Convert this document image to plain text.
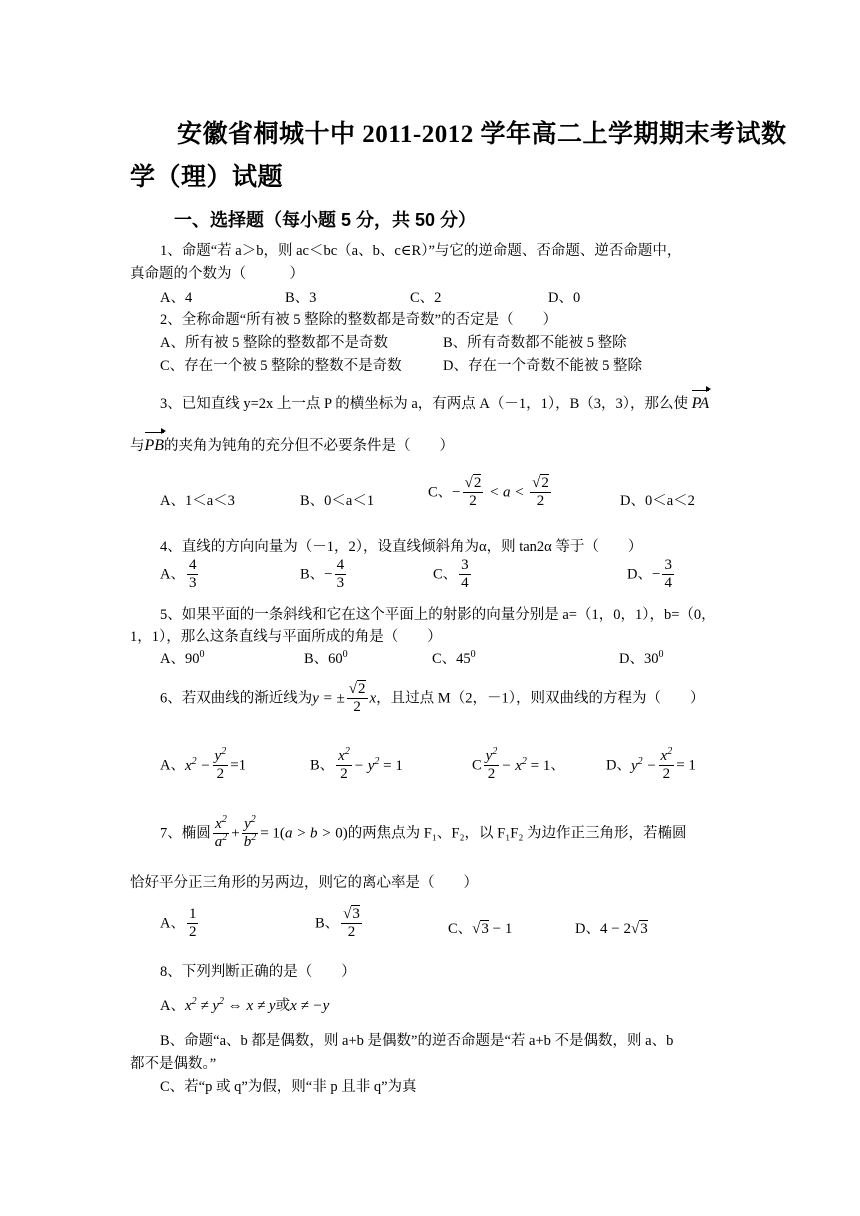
安徽省桐城十中 2011-2012 学年高二上学期期末考试数
学（理）试题
一、选择题（每小题 5 分，共 50 分）
1、命题“若 a＞b，则 ac＜bc（a、b、c∈R）”与它的逆命题、否命题、逆否命题中，
真命题的个数为（　　　）
A、4	B、3	C、2	D、0
2、全称命题“所有被 5 整除的整数都是奇数”的否定是（　　）
A、所有被 5 整除的整数都不是奇数	B、所有奇数都不能被 5 整除
C、存在一个被 5 整除的整数不是奇数	D、存在一个奇数不能被 5 整除
3、已知直线 y=2x 上一点 P 的横坐标为 a，有两点 A（－1，1），B（3，3），那么使 PA
与PB的夹角为钝角的充分但不必要条件是（　　）
A、1＜a＜3	B、0＜a＜1
C、− $\frac{√2}{2} < a < \frac{√2}{2}$	D、0＜a＜2
4、直线的方向向量为（－1，2），设直线倾斜角为α，则 tan2α 等于（　　）
A、 $\frac{4}{3}$	B、− $\frac{4}{3}$	C、 $\frac{3}{4}$	D、− $\frac{3}{4}$
5、如果平面的一条斜线和它在这个平面上的射影的向量分别是 a=（1，0，1），b=（0，
1，1），那么这条直线与平面所成的角是（　　）
A、$90^0$	B、$60^0$	C、$45^0$	D、$30^0$
6、若双曲线的渐近线为y = ± $\frac{√2}{2}$ x，且过点 M（2，－1），则双曲线的方程为（　　）
A、$x^2 - \frac{y^2}{2} =1$	B、 $\frac{x^2}{2} - y^2 = 1$	C $\frac{y^2}{2} - x^2 = 1$、	D、$y^2 - \frac{x^2}{2} = 1$
7、椭圆 $\frac{x^2}{a^2} + \frac{y^2}{b^2} = 1(a > b > 0)$的两焦点为 F₁、F₂，以 F₁F₂ 为边作正三角形，若椭圆
恰好平分正三角形的另两边，则它的离心率是（　　）
A、 $\frac{1}{2}$	B、 $\frac{√3}{2}$	C、√3 − 1	D、4 − 2√3
8、下列判断正确的是（　　）
A、$x^2 \ne y^2$ ⇔ x ≠ y或x ≠ −y
B、命题“a、b 都是偶数，则 a+b 是偶数”的逆否命题是“若 a+b 不是偶数，则 a、b
都不是偶数。”
C、若“p 或 q”为假，则“非 p 且非 q”为真
